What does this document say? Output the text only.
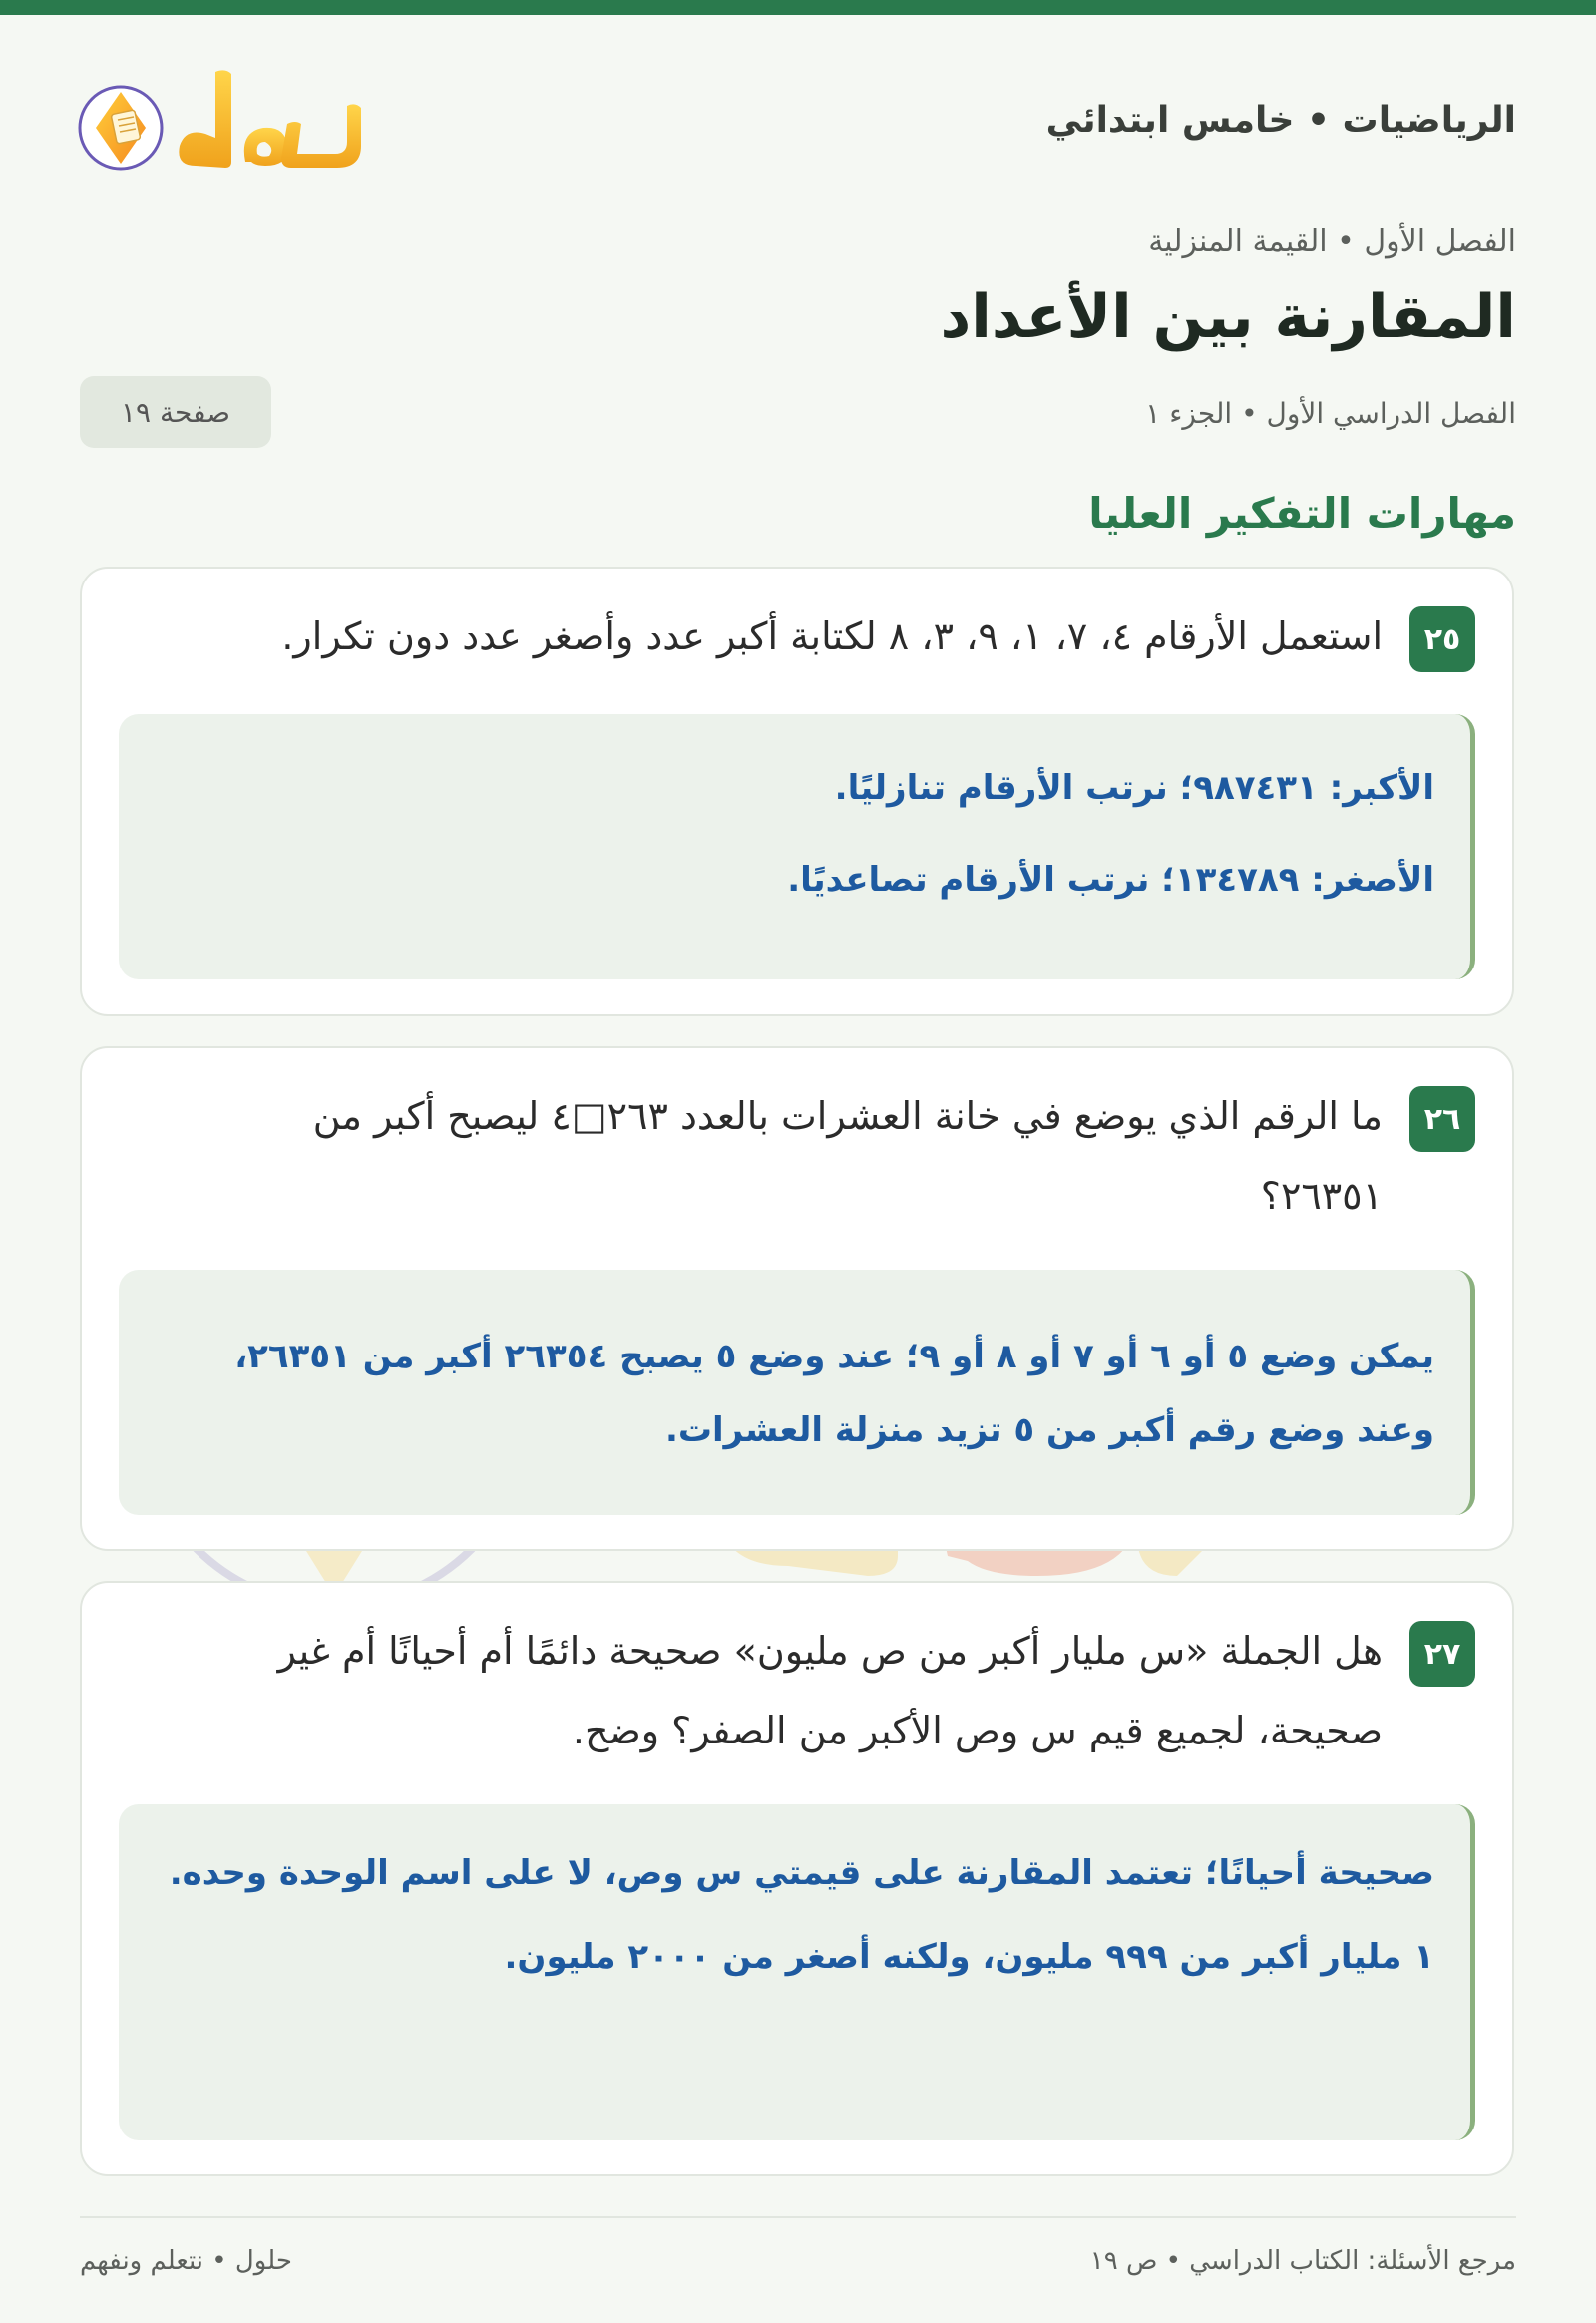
الرياضيات • خامس ابتدائي
الفصل الأول • القيمة المنزلية
المقارنة بين الأعداد
الفصل الدراسي الأول • الجزء ١
صفحة ١٩
مهارات التفكير العليا
٢٥

استعمل الأرقام ٤، ٧، ١، ٩، ٣، ٨ لكتابة أكبر عدد وأصغر عدد دون تكرار.

الأكبر: ٩٨٧٤٣١؛ نرتب الأرقام تنازليًا.

الأصغر: ١٣٤٧٨٩؛ نرتب الأرقام تصاعديًا.

٢٦

ما الرقم الذي يوضع في خانة العشرات بالعدد ٢٦٣□٤ ليصبح أكبر من ٢٦٣٥١؟

يمكن وضع ٥ أو ٦ أو ٧ أو ٨ أو ٩؛ عند وضع ٥ يصبح ٢٦٣٥٤ أكبر من ٢٦٣٥١، وعند وضع رقم أكبر من ٥ تزيد منزلة العشرات.

٢٧

هل الجملة «س مليار أكبر من ص مليون» صحيحة دائمًا أم أحيانًا أم غير صحيحة، لجميع قيم س وص الأكبر من الصفر؟ وضح.

صحيحة أحيانًا؛ تعتمد المقارنة على قيمتي س وص، لا على اسم الوحدة وحده.

١ مليار أكبر من ٩٩٩ مليون، ولكنه أصغر من ٢٠٠٠ مليون.

مرجع الأسئلة: الكتاب الدراسي • ص ١٩
حلول • نتعلم ونفهم
